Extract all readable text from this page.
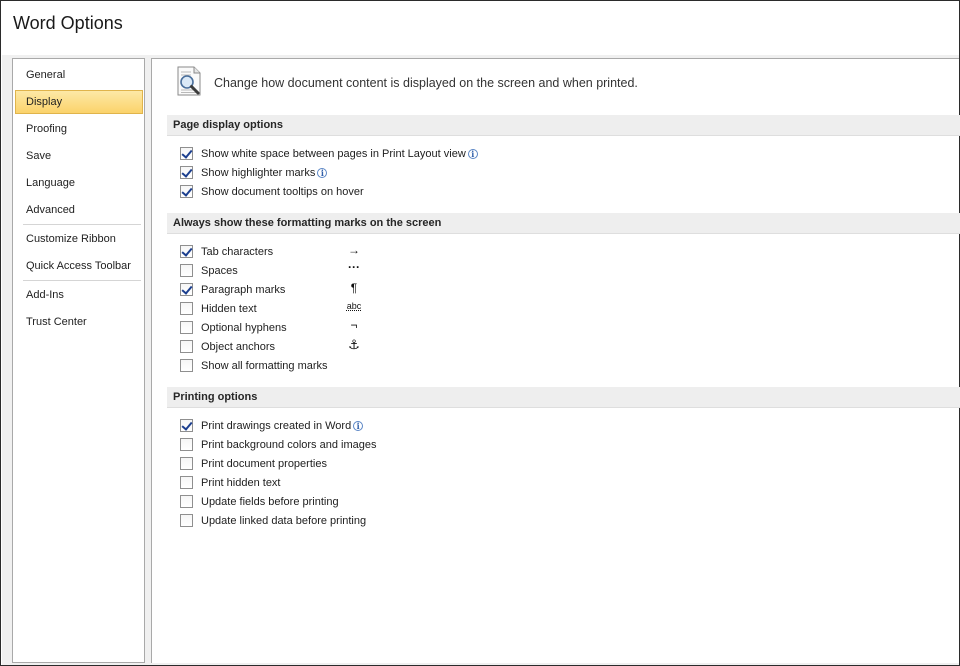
Word Options
General
Display
Proofing
Save
Language
Advanced
Customize Ribbon
Quick Access Toolbar
Add-Ins
Trust Center
Change how document content is displayed on the screen and when printed.
Page display options
Show white space between pages in Print Layout view i
Show highlighter marks i
Show document tooltips on hover
Always show these formatting marks on the screen
Tab characters	→
Spaces	···
Paragraph marks	¶
Hidden text	abc
Optional hyphens	¬
Object anchors	⚓
Show all formatting marks
Printing options
Print drawings created in Word i
Print background colors and images
Print document properties
Print hidden text
Update fields before printing
Update linked data before printing
